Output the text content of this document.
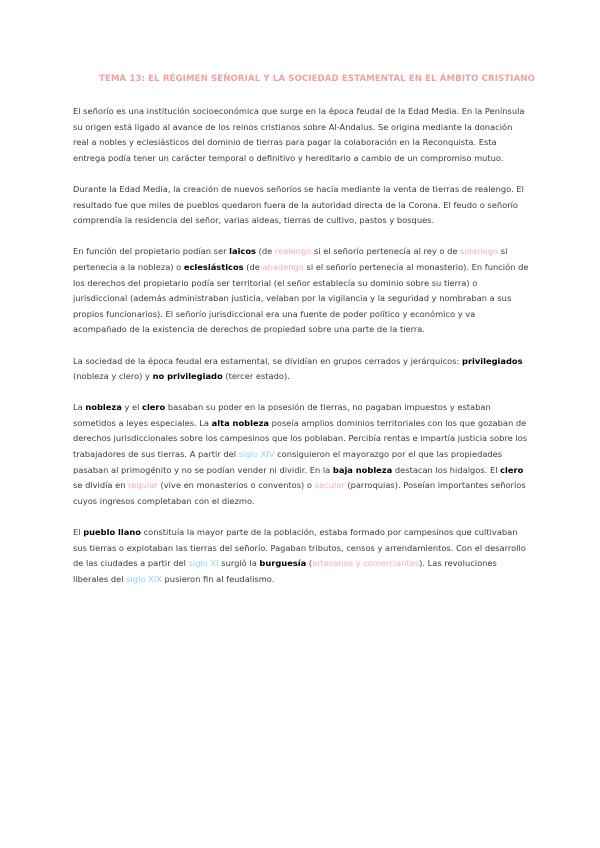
TEMA 13: EL RÉGIMEN SEÑORIAL Y LA SOCIEDAD ESTAMENTAL EN EL ÁMBITO CRISTIANO

El señorío es una institución socioeconómica que surge en la época feudal de la Edad Media. En la Península su origen está ligado al avance de los reinos cristianos sobre Al-Ándalus. Se origina mediante la donación real a nobles y eclesiásticos del dominio de tierras para pagar la colaboración en la Reconquista. Esta entrega podía tener un carácter temporal o definitivo y hereditario a cambio de un compromiso mutuo.

Durante la Edad Media, la creación de nuevos señoríos se hacía mediante la venta de tierras de realengo. El resultado fue que miles de pueblos quedaron fuera de la autoridad directa de la Corona. El feudo o señorío comprendía la residencia del señor, varias aldeas, tierras de cultivo, pastos y bosques.

En función del propietario podían ser laicos (de realengo si el señorío pertenecía al rey o de solariego si pertenecía a la nobleza) o eclesiásticos (de abadengo si el señorío pertenecía al monasterio). En función de los derechos del propietario podía ser territorial (el señor establecía su dominio sobre su tierra) o jurisdiccional (además administraban justicia, velaban por la vigilancia y la seguridad y nombraban a sus propios funcionarios). El señorío jurisdiccional era una fuente de poder político y económico y va acompañado de la existencia de derechos de propiedad sobre una parte de la tierra.

La sociedad de la época feudal era estamental, se dividían en grupos cerrados y jerárquicos: privilegiados (nobleza y clero) y no privilegiado (tercer estado).

La nobleza y el clero basaban su poder en la posesión de tierras, no pagaban impuestos y estaban sometidos a leyes especiales. La alta nobleza poseía amplios dominios territoriales con los que gozaban de derechos jurisdiccionales sobre los campesinos que los poblaban. Percibía rentas e impartía justicia sobre los trabajadores de sus tierras. A partir del siglo XIV consiguieron el mayorazgo por el que las propiedades pasaban al primogénito y no se podían vender ni dividir. En la baja nobleza destacan los hidalgos. El clero se dividía en regular (vive en monasterios o conventos) o secular (parroquias). Poseían importantes señoríos cuyos ingresos completaban con el diezmo.

El pueblo llano constituía la mayor parte de la población, estaba formado por campesinos que cultivaban sus tierras o explotaban las tierras del señorío. Pagaban tributos, censos y arrendamientos. Con el desarrollo de las ciudades a partir del siglo XI surgió la burguesía (artesanos y comerciantes). Las revoluciones liberales del siglo XIX pusieron fin al feudalismo.
